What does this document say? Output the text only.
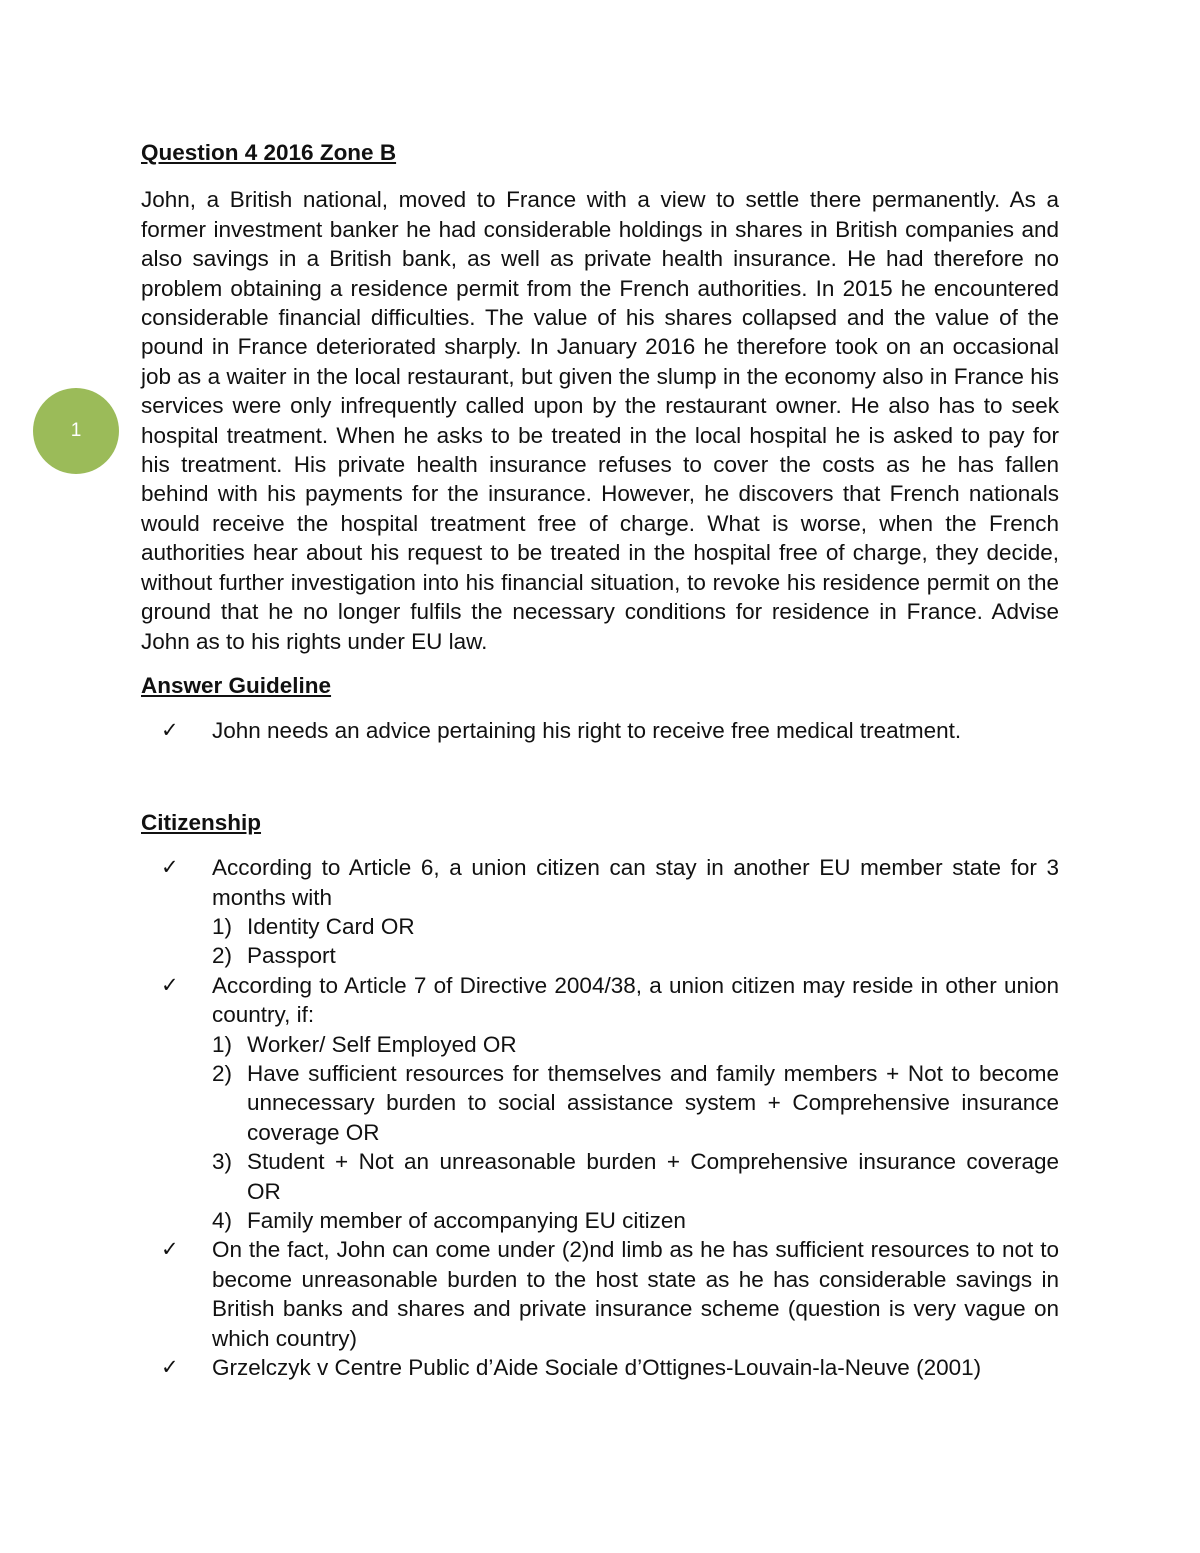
1

Question 4 2016 Zone B

John, a British national, moved to France with a view to settle there permanently. As a former investment banker he had considerable holdings in shares in British companies and also savings in a British bank, as well as private health insurance. He had therefore no problem obtaining a residence permit from the French authorities. In 2015 he encountered considerable financial difficulties. The value of his shares collapsed and the value of the pound in France deteriorated sharply. In January 2016 he therefore took on an occasional job as a waiter in the local restaurant, but given the slump in the economy also in France his services were only infrequently called upon by the restaurant owner. He also has to seek hospital treatment. When he asks to be treated in the local hospital he is asked to pay for his treatment. His private health insurance refuses to cover the costs as he has fallen behind with his payments for the insurance. However, he discovers that French nationals would receive the hospital treatment free of charge. What is worse, when the French authorities hear about his request to be treated in the hospital free of charge, they decide, without further investigation into his financial situation, to revoke his residence permit on the ground that he no longer fulfils the necessary conditions for residence in France. Advise John as to his rights under EU law.

Answer Guideline

✓ John needs an advice pertaining his right to receive free medical treatment.

Citizenship

✓ According to Article 6, a union citizen can stay in another EU member state for 3 months with
1) Identity Card OR
2) Passport
✓ According to Article 7 of Directive 2004/38, a union citizen may reside in other union country, if:
1) Worker/ Self Employed OR
2) Have sufficient resources for themselves and family members + Not to become unnecessary burden to social assistance system + Comprehensive insurance coverage OR
3) Student + Not an unreasonable burden + Comprehensive insurance coverage OR
4) Family member of accompanying EU citizen
✓ On the fact, John can come under (2)nd limb as he has sufficient resources to not to become unreasonable burden to the host state as he has considerable savings in British banks and shares and private insurance scheme (question is very vague on which country)
✓ Grzelczyk v Centre Public d’Aide Sociale d’Ottignes-Louvain-la-Neuve (2001)
